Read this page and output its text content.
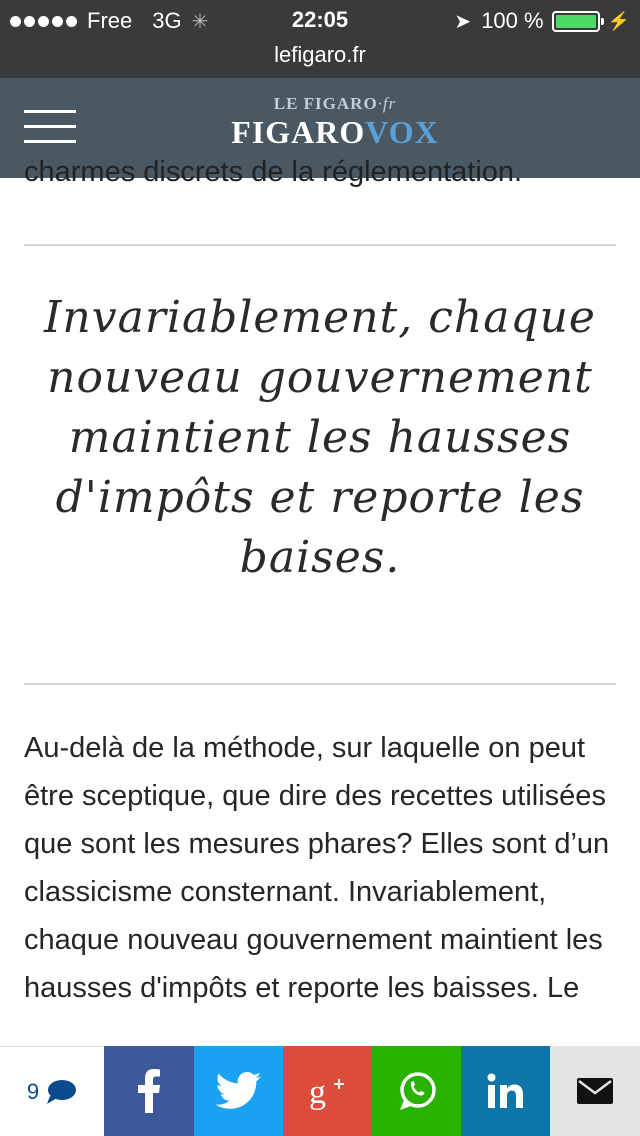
Free 3G ✳	22:05	➤ 100 %	⚡
lefigaro.fr
LE FIGARO·fr
FIGAROVOX
charmes discrets de la réglementation.
Invariablement, chaque nouveau gouvernement maintient les hausses d'impôts et reporte les baises.
Au-delà de la méthode, sur laquelle on peut être sceptique, que dire des recettes utilisées que sont les mesures phares? Elles sont d’un classicisme consternant. Invariablement, chaque nouveau gouvernement maintient les hausses d'impôts et reporte les baisses. Le
9	g
